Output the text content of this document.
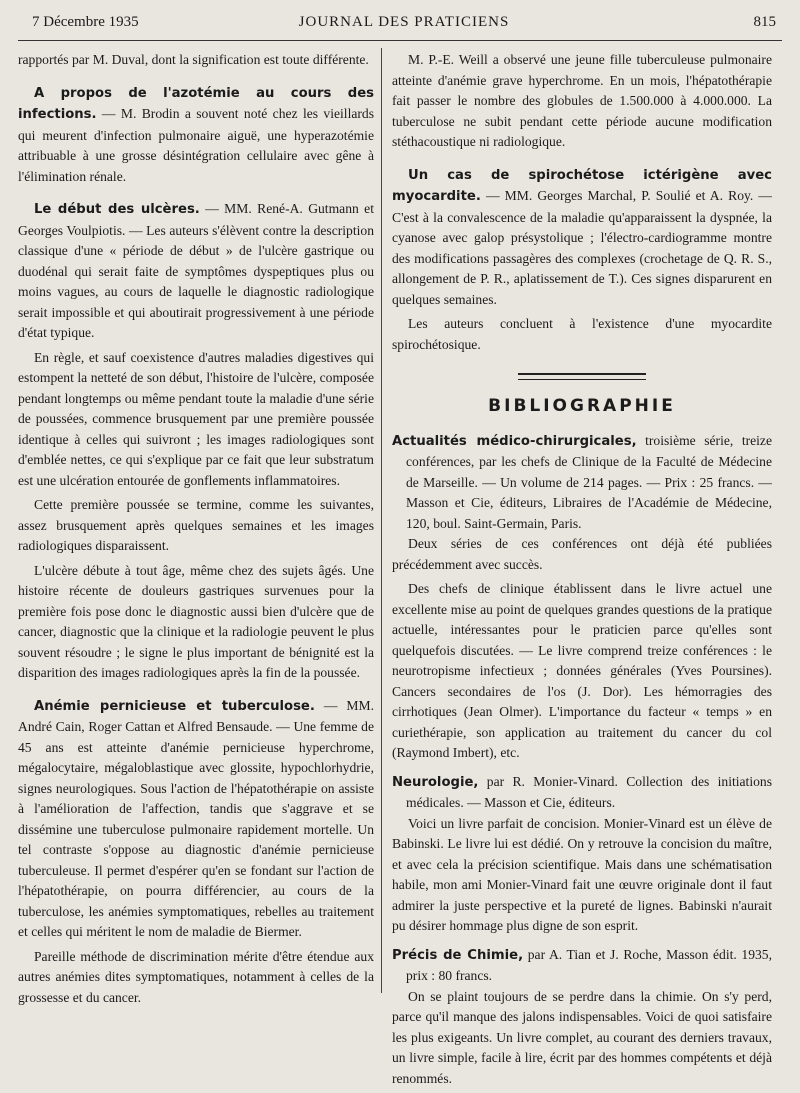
7 Décembre 1935	JOURNAL DES PRATICIENS	815

rapportés par M. Duval, dont la signification est toute différente.

A propos de l'azotémie au cours des infections. — M. Brodin a souvent noté chez les vieillards qui meurent d'infection pulmonaire aiguë, une hyperazotémie attribuable à une grosse désintégration cellulaire avec gêne à l'élimination rénale.

Le début des ulcères. — MM. René-A. Gutmann et Georges Voulpiotis. — Les auteurs s'élèvent contre la description classique d'une « période de début » de l'ulcère gastrique ou duodénal qui serait faite de symptômes dyspeptiques plus ou moins vagues, au cours de laquelle le diagnostic radiologique serait impossible et qui aboutirait progressivement à une période d'état typique.

En règle, et sauf coexistence d'autres maladies digestives qui estompent la netteté de son début, l'histoire de l'ulcère, composée pendant longtemps ou même pendant toute la maladie d'une série de poussées, commence brusquement par une première poussée identique à celles qui suivront ; les images radiologiques sont d'emblée nettes, ce qui s'explique par ce fait que leur substratum est une ulcération entourée de gonflements inflammatoires.

Cette première poussée se termine, comme les suivantes, assez brusquement après quelques semaines et les images radiologiques disparaissent.

L'ulcère débute à tout âge, même chez des sujets âgés. Une histoire récente de douleurs gastriques survenues pour la première fois pose donc le diagnostic aussi bien d'ulcère que de cancer, diagnostic que la clinique et la radiologie peuvent le plus souvent résoudre ; le signe le plus important de bénignité est la disparition des images radiologiques après la fin de la poussée.

Anémie pernicieuse et tuberculose. — MM. André Cain, Roger Cattan et Alfred Bensaude. — Une femme de 45 ans est atteinte d'anémie pernicieuse hyperchrome, mégalocytaire, mégaloblastique avec glossite, hypochlorhydrie, signes neurologiques. Sous l'action de l'hépatothérapie on assiste à l'amélioration de l'affection, tandis que s'aggrave et se dissémine une tuberculose pulmonaire rapidement mortelle. Un tel contraste s'oppose au diagnostic d'anémie pernicieuse tuberculeuse. Il permet d'espérer qu'en se fondant sur l'action de l'hépatothérapie, on pourra différencier, au cours de la tuberculose, les anémies symptomatiques, rebelles au traitement et celles qui méritent le nom de maladie de Biermer.

Pareille méthode de discrimination mérite d'être étendue aux autres anémies dites symptomatiques, notamment à celles de la grossesse et du cancer.

M. P.-E. Weill a observé une jeune fille tuberculeuse pulmonaire atteinte d'anémie grave hyperchrome. En un mois, l'hépatothérapie fait passer le nombre des globules de 1.500.000 à 4.000.000. La tuberculose ne subit pendant cette période aucune modification stéthacoustique ni radiologique.

Un cas de spirochétose ictérigène avec myocardite. — MM. Georges Marchal, P. Soulié et A. Roy. — C'est à la convalescence de la maladie qu'apparaissent la dyspnée, la cyanose avec galop présystolique ; l'électro-cardiogramme montre des modifications passagères des complexes (crochetage de Q. R. S., allongement de P. R., aplatissement de T.). Ces signes disparurent en quelques semaines.

Les auteurs concluent à l'existence d'une myocardite spirochétosique.

BIBLIOGRAPHIE

Actualités médico-chirurgicales, troisième série, treize conférences, par les chefs de Clinique de la Faculté de Médecine de Marseille. — Un volume de 214 pages. — Prix : 25 francs. — Masson et Cie, éditeurs, Libraires de l'Académie de Médecine, 120, boul. Saint-Germain, Paris.

Deux séries de ces conférences ont déjà été publiées précédemment avec succès.

Des chefs de clinique établissent dans le livre actuel une excellente mise au point de quelques grandes questions de la pratique actuelle, intéressantes pour le praticien parce qu'elles sont quelquefois discutées. — Le livre comprend treize conférences : le neurotropisme infectieux ; données générales (Yves Poursines). Cancers secondaires de l'os (J. Dor). Les hémorragies des cirrhotiques (Jean Olmer). L'importance du facteur « temps » en curiethérapie, son application au traitement du cancer du col (Raymond Imbert), etc.

Neurologie, par R. Monier-Vinard. Collection des initiations médicales. — Masson et Cie, éditeurs.

Voici un livre parfait de concision. Monier-Vinard est un élève de Babinski. Le livre lui est dédié. On y retrouve la concision du maître, et avec cela la précision scientifique. Mais dans une schématisation habile, mon ami Monier-Vinard fait une œuvre originale dont il faut admirer la juste perspective et la pureté de lignes. Babinski n'aurait pu désirer hommage plus digne de son esprit.

Précis de Chimie, par A. Tian et J. Roche, Masson édit. 1935, prix : 80 francs.

On se plaint toujours de se perdre dans la chimie. On s'y perd, parce qu'il manque des jalons indispensables. Voici de quoi satisfaire les plus exigeants. Un livre complet, au courant des derniers travaux, un livre simple, facile à lire, écrit par des hommes compétents et déjà renommés.
